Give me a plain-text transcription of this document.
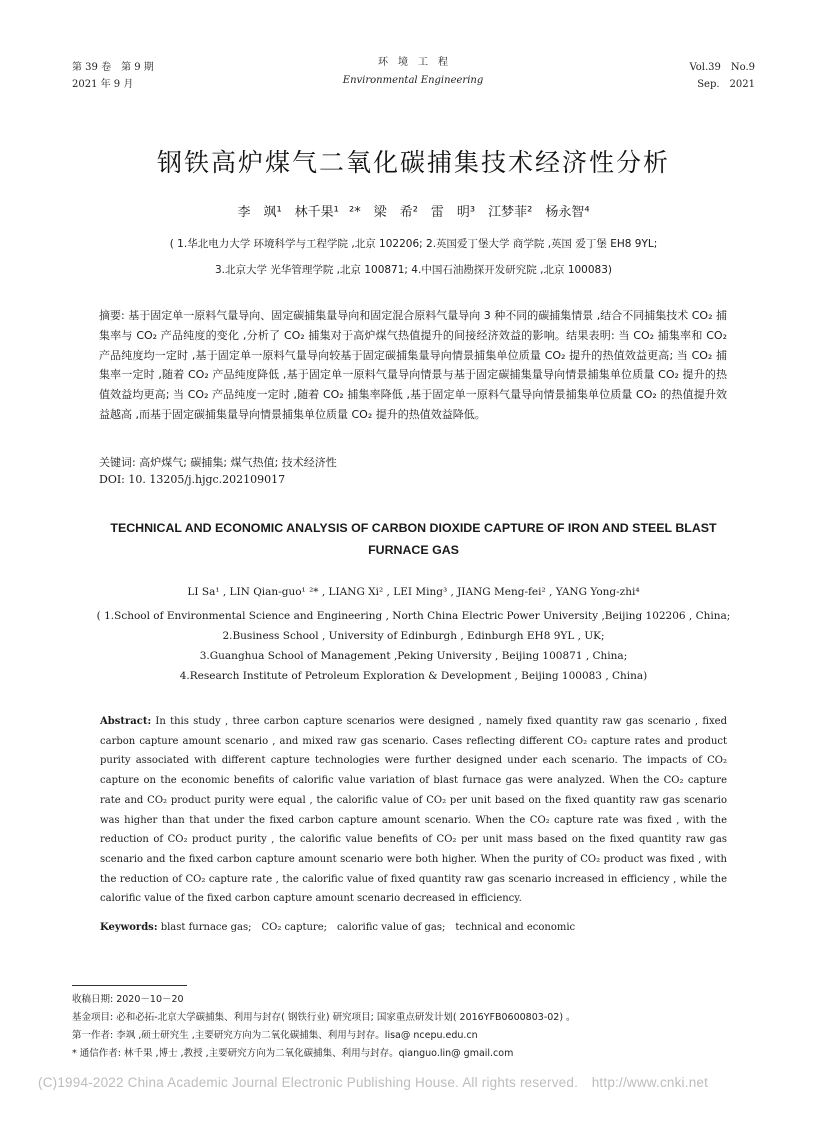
第 39 卷　第 9 期
2021 年 9 月
环　境　工　程
Environmental Engineering
Vol.39　No.9
Sep.　2021
钢铁高炉煤气二氧化碳捕集技术经济性分析
李　飒¹　林千果¹ ²*　梁　希²　雷　明³　江梦菲²　杨永智⁴
( 1.华北电力大学 环境科学与工程学院 ,北京 102206; 2.英国爱丁堡大学 商学院 ,英国 爱丁堡 EH8 9YL;
3.北京大学 光华管理学院 ,北京 100871; 4.中国石油勘探开发研究院 ,北京 100083)
摘要: 基于固定单一原料气量导向、固定碳捕集量导向和固定混合原料气量导向 3 种不同的碳捕集情景 ,结合不同捕集技术 CO₂ 捕集率与 CO₂ 产品纯度的变化 ,分析了 CO₂ 捕集对于高炉煤气热值提升的间接经济效益的影响。结果表明: 当 CO₂ 捕集率和 CO₂ 产品纯度均一定时 ,基于固定单一原料气量导向较基于固定碳捕集量导向情景捕集单位质量 CO₂ 提升的热值效益更高; 当 CO₂ 捕集率一定时 ,随着 CO₂ 产品纯度降低 ,基于固定单一原料气量导向情景与基于固定碳捕集量导向情景捕集单位质量 CO₂ 提升的热值效益均更高; 当 CO₂ 产品纯度一定时 ,随着 CO₂ 捕集率降低 ,基于固定单一原料气量导向情景捕集单位质量 CO₂ 的热值提升效益越高 ,而基于固定碳捕集量导向情景捕集单位质量 CO₂ 提升的热值效益降低。
关键词: 高炉煤气; 碳捕集; 煤气热值; 技术经济性
DOI: 10. 13205/j.hjgc.202109017
TECHNICAL AND ECONOMIC ANALYSIS OF CARBON DIOXIDE CAPTURE OF IRON AND STEEL BLAST FURNACE GAS
LI Sa¹ , LIN Qian-guo¹ ²* , LIANG Xi² , LEI Ming³ , JIANG Meng-fei² , YANG Yong-zhi⁴
( 1.School of Environmental Science and Engineering , North China Electric Power University ,Beijing 102206 , China;
2.Business School , University of Edinburgh , Edinburgh EH8 9YL , UK;
3.Guanghua School of Management ,Peking University , Beijing 100871 , China;
4.Research Institute of Petroleum Exploration & Development , Beijing 100083 , China)
Abstract: In this study , three carbon capture scenarios were designed , namely fixed quantity raw gas scenario , fixed carbon capture amount scenario , and mixed raw gas scenario. Cases reflecting different CO₂ capture rates and product purity associated with different capture technologies were further designed under each scenario. The impacts of CO₂ capture on the economic benefits of calorific value variation of blast furnace gas were analyzed. When the CO₂ capture rate and CO₂ product purity were equal , the calorific value of CO₂ per unit based on the fixed quantity raw gas scenario was higher than that under the fixed carbon capture amount scenario. When the CO₂ capture rate was fixed , with the reduction of CO₂ product purity , the calorific value benefits of CO₂ per unit mass based on the fixed quantity raw gas scenario and the fixed carbon capture amount scenario were both higher. When the purity of CO₂ product was fixed , with the reduction of CO₂ capture rate , the calorific value of fixed quantity raw gas scenario increased in efficiency , while the calorific value of the fixed carbon capture amount scenario decreased in efficiency.
Keywords: blast furnace gas;　CO₂ capture;　calorific value of gas;　technical and economic
收稿日期: 2020－10－20
基金项目: 必和必拓-北京大学碳捕集、利用与封存( 钢铁行业) 研究项目; 国家重点研发计划( 2016YFB0600803-02) 。
第一作者: 李飒 ,硕士研究生 ,主要研究方向为二氧化碳捕集、利用与封存。lisa@ ncepu.edu.cn
* 通信作者: 林千果 ,博士 ,教授 ,主要研究方向为二氧化碳捕集、利用与封存。qianguo.lin@ gmail.com
(C)1994-2022 China Academic Journal Electronic Publishing House. All rights reserved.　http://www.cnki.net
